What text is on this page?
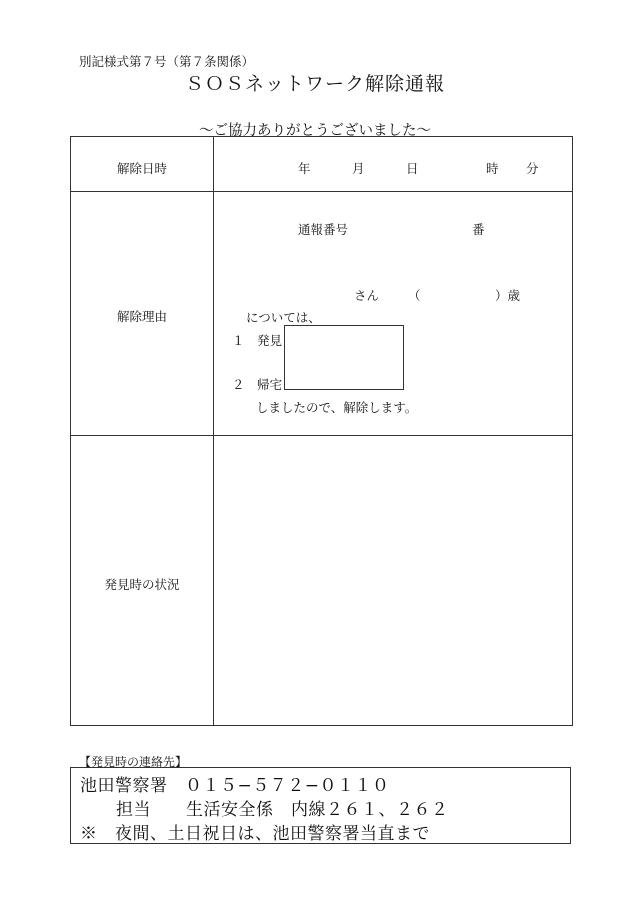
別記様式第７号（第７条関係）
ＳＯＳネットワーク解除通報
〜ご協力ありがとうございました〜
解除日時	年	月	日	時 分
解除理由
通報番号	番
さん （	）歳
については、
１　発見
２　帰宅
しましたので、解除します。
発見時の状況
【発見時の連絡先】
池田警察署　０１５−５７２−０１１０
担当　　生活安全係　内線２６１、２６２
※　夜間、土日祝日は、池田警察署当直まで
